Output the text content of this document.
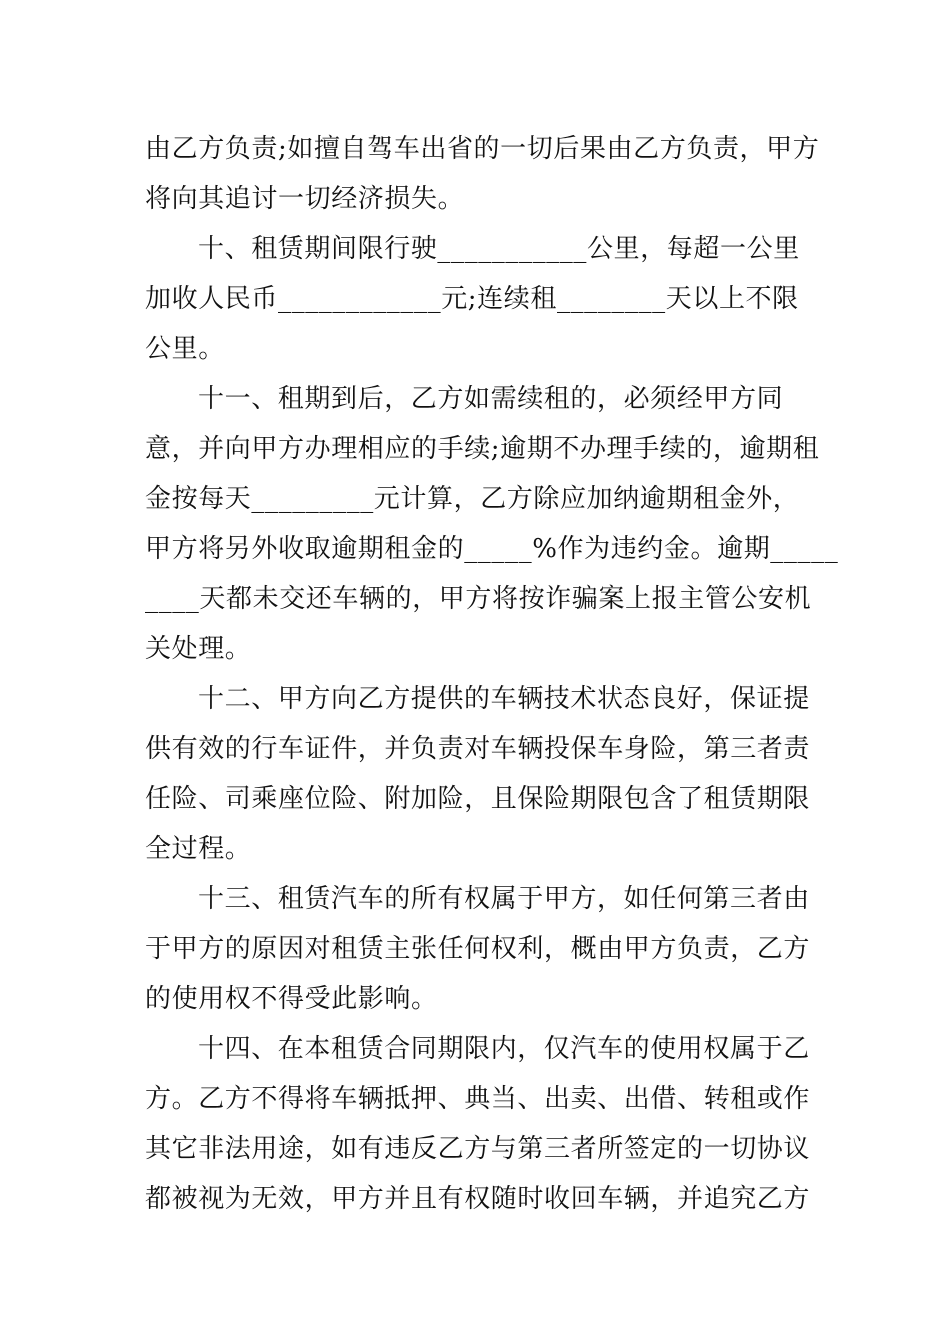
由乙方负责;如擅自驾车出省的一切后果由乙方负责，甲方
将向其追讨一切经济损失。
十、租赁期间限行驶___________公里，每超一公里
加收人民币____________元;连续租________天以上不限
公里。
十一、租期到后，乙方如需续租的，必须经甲方同
意，并向甲方办理相应的手续;逾期不办理手续的，逾期租
金按每天_________元计算，乙方除应加纳逾期租金外，
甲方将另外收取逾期租金的_____%作为违约金。逾期_____
____天都未交还车辆的，甲方将按诈骗案上报主管公安机
关处理。
十二、甲方向乙方提供的车辆技术状态良好，保证提
供有效的行车证件，并负责对车辆投保车身险，第三者责
任险、司乘座位险、附加险，且保险期限包含了租赁期限
全过程。
十三、租赁汽车的所有权属于甲方，如任何第三者由
于甲方的原因对租赁主张任何权利，概由甲方负责，乙方
的使用权不得受此影响。
十四、在本租赁合同期限内，仅汽车的使用权属于乙
方。乙方不得将车辆抵押、典当、出卖、出借、转租或作
其它非法用途，如有违反乙方与第三者所签定的一切协议
都被视为无效，甲方并且有权随时收回车辆，并追究乙方
